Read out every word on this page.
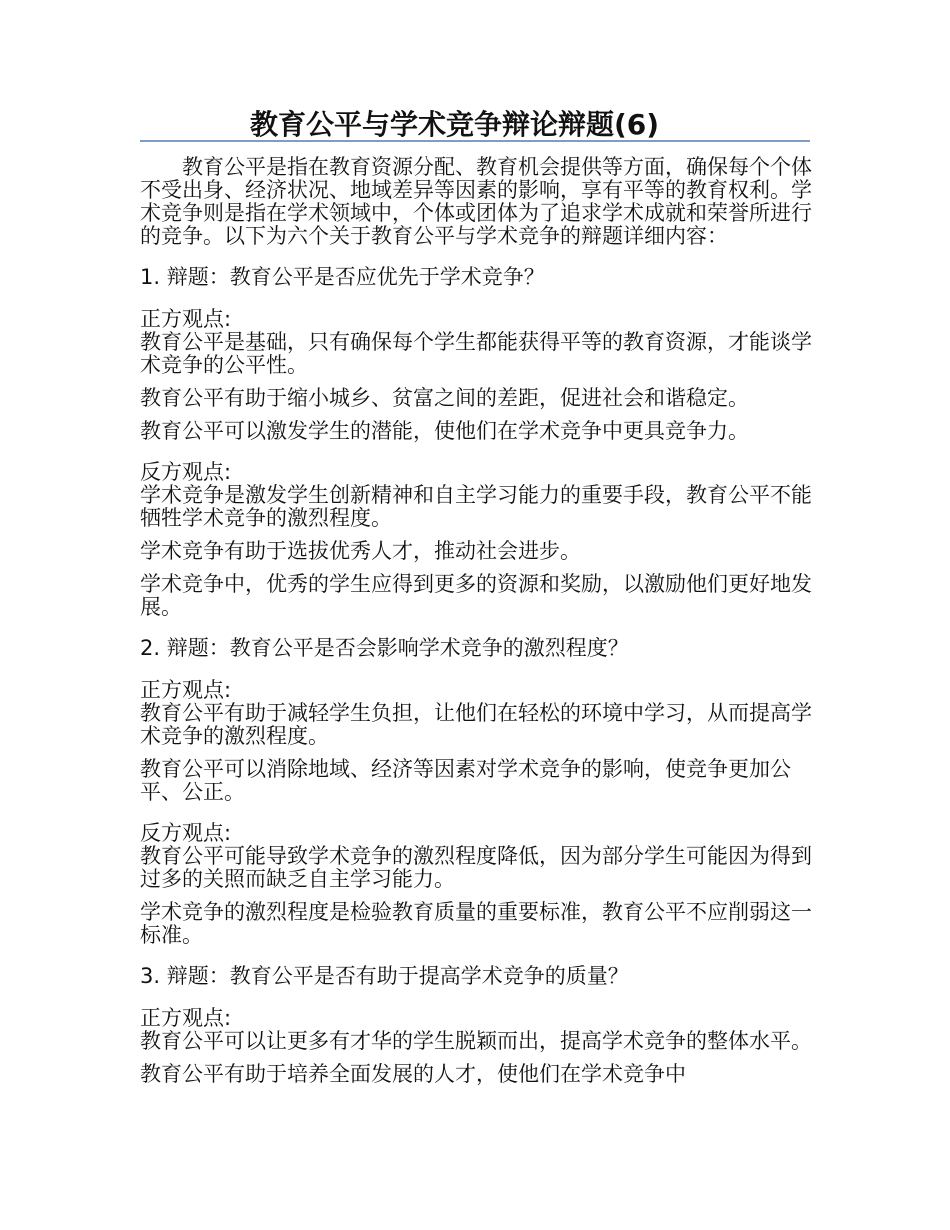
教育公平与学术竞争辩论辩题(6)

教育公平是指在教育资源分配、教育机会提供等方面，确保每个个体不受出身、经济状况、地域差异等因素的影响，享有平等的教育权利。学术竞争则是指在学术领域中，个体或团体为了追求学术成就和荣誉所进行的竞争。以下为六个关于教育公平与学术竞争的辩题详细内容：

1. 辩题：教育公平是否应优先于学术竞争？

正方观点:
教育公平是基础，只有确保每个学生都能获得平等的教育资源，才能谈学术竞争的公平性。
教育公平有助于缩小城乡、贫富之间的差距，促进社会和谐稳定。
教育公平可以激发学生的潜能，使他们在学术竞争中更具竞争力。
反方观点:
学术竞争是激发学生创新精神和自主学习能力的重要手段，教育公平不能牺牲学术竞争的激烈程度。
学术竞争有助于选拔优秀人才，推动社会进步。
学术竞争中，优秀的学生应得到更多的资源和奖励，以激励他们更好地发展。

2. 辩题：教育公平是否会影响学术竞争的激烈程度？

正方观点:
教育公平有助于减轻学生负担，让他们在轻松的环境中学习，从而提高学术竞争的激烈程度。
教育公平可以消除地域、经济等因素对学术竞争的影响，使竞争更加公平、公正。
反方观点:
教育公平可能导致学术竞争的激烈程度降低，因为部分学生可能因为得到过多的关照而缺乏自主学习能力。
学术竞争的激烈程度是检验教育质量的重要标准，教育公平不应削弱这一标准。

3. 辩题：教育公平是否有助于提高学术竞争的质量？

正方观点:
教育公平可以让更多有才华的学生脱颖而出，提高学术竞争的整体水平。
教育公平有助于培养全面发展的人才，使他们在学术竞争中
